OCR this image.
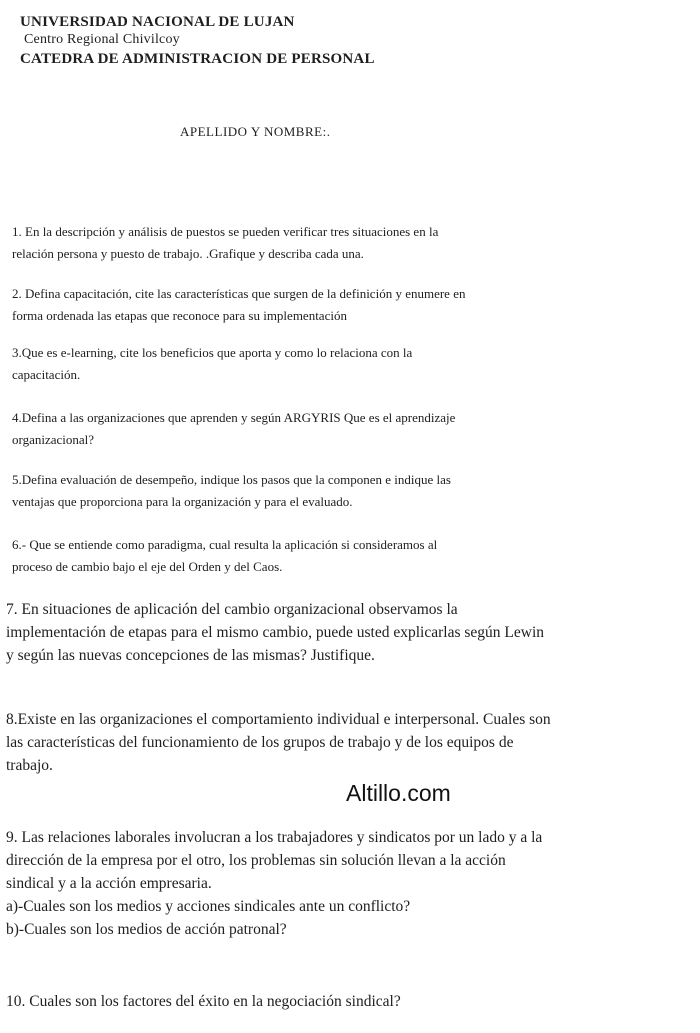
UNIVERSIDAD NACIONAL DE LUJAN
Centro Regional Chivilcoy
CATEDRA DE ADMINISTRACION DE PERSONAL
APELLIDO Y NOMBRE:.
1. En la descripción y análisis de puestos se pueden verificar tres situaciones en la
relación persona y puesto de trabajo. .Grafique y describa cada una.
2. Defina capacitación, cite las características que surgen de la definición y enumere en
forma ordenada las etapas que reconoce para su implementación
3.Que es e-learning, cite los beneficios que aporta y como lo relaciona con la
capacitación.
4.Defina a las organizaciones que aprenden y según ARGYRIS Que es el aprendizaje
organizacional?
5.Defina evaluación de desempeño, indique los pasos que la componen e indique las
ventajas que proporciona para la organización y para el evaluado.
6.- Que se entiende como paradigma, cual resulta la aplicación si consideramos al
proceso de cambio bajo el eje del Orden y del Caos.
7. En situaciones de aplicación del cambio organizacional observamos la
implementación de etapas para el mismo cambio, puede usted explicarlas según Lewin
y según las nuevas concepciones de las mismas? Justifique.
8.Existe en las organizaciones el comportamiento individual e interpersonal. Cuales son
las características del funcionamiento de los grupos de trabajo y de los equipos de
trabajo.
Altillo.com
9. Las relaciones laborales involucran a los trabajadores y sindicatos por un lado y a la
dirección de la empresa por el otro, los problemas sin solución llevan a la acción
sindical y a la acción empresaria.
a)-Cuales son los medios y acciones sindicales ante un conflicto?
b)-Cuales son los medios de acción patronal?
10. Cuales son los factores del éxito en la negociación sindical?
